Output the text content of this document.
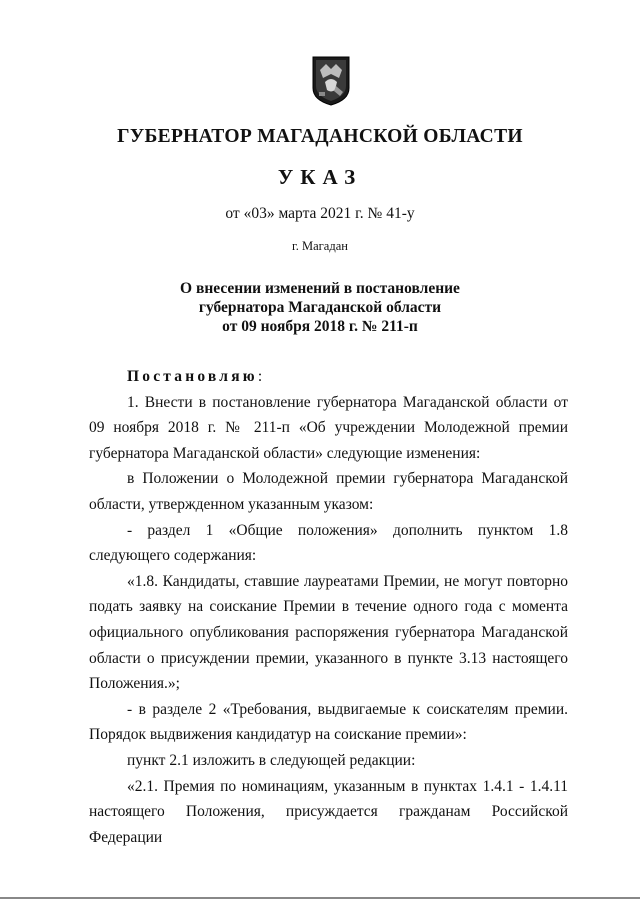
ГУБЕРНАТОР МАГАДАНСКОЙ ОБЛАСТИ
УКАЗ
от «03» марта 2021 г. № 41-у
г. Магадан
О внесении изменений в постановление
губернатора Магаданской области
от 09 ноября 2018 г. № 211-п

Постановляю:

1. Внести в постановление губернатора Магаданской области от 09 ноября 2018 г. № 211-п «Об учреждении Молодежной премии губернатора Магаданской области» следующие изменения:

в Положении о Молодежной премии губернатора Магаданской области, утвержденном указанным указом:

- раздел 1 «Общие положения» дополнить пунктом 1.8 следующего содержания:

«1.8. Кандидаты, ставшие лауреатами Премии, не могут повторно подать заявку на соискание Премии в течение одного года с момента официального опубликования распоряжения губернатора Магаданской области о присуждении премии, указанного в пункте 3.13 настоящего Положения.»;

- в разделе 2 «Требования, выдвигаемые к соискателям премии. Порядок выдвижения кандидатур на соискание премии»:

пункт 2.1 изложить в следующей редакции:

«2.1. Премия по номинациям, указанным в пунктах 1.4.1 - 1.4.11 настоящего Положения, присуждается гражданам Российской Федерации
